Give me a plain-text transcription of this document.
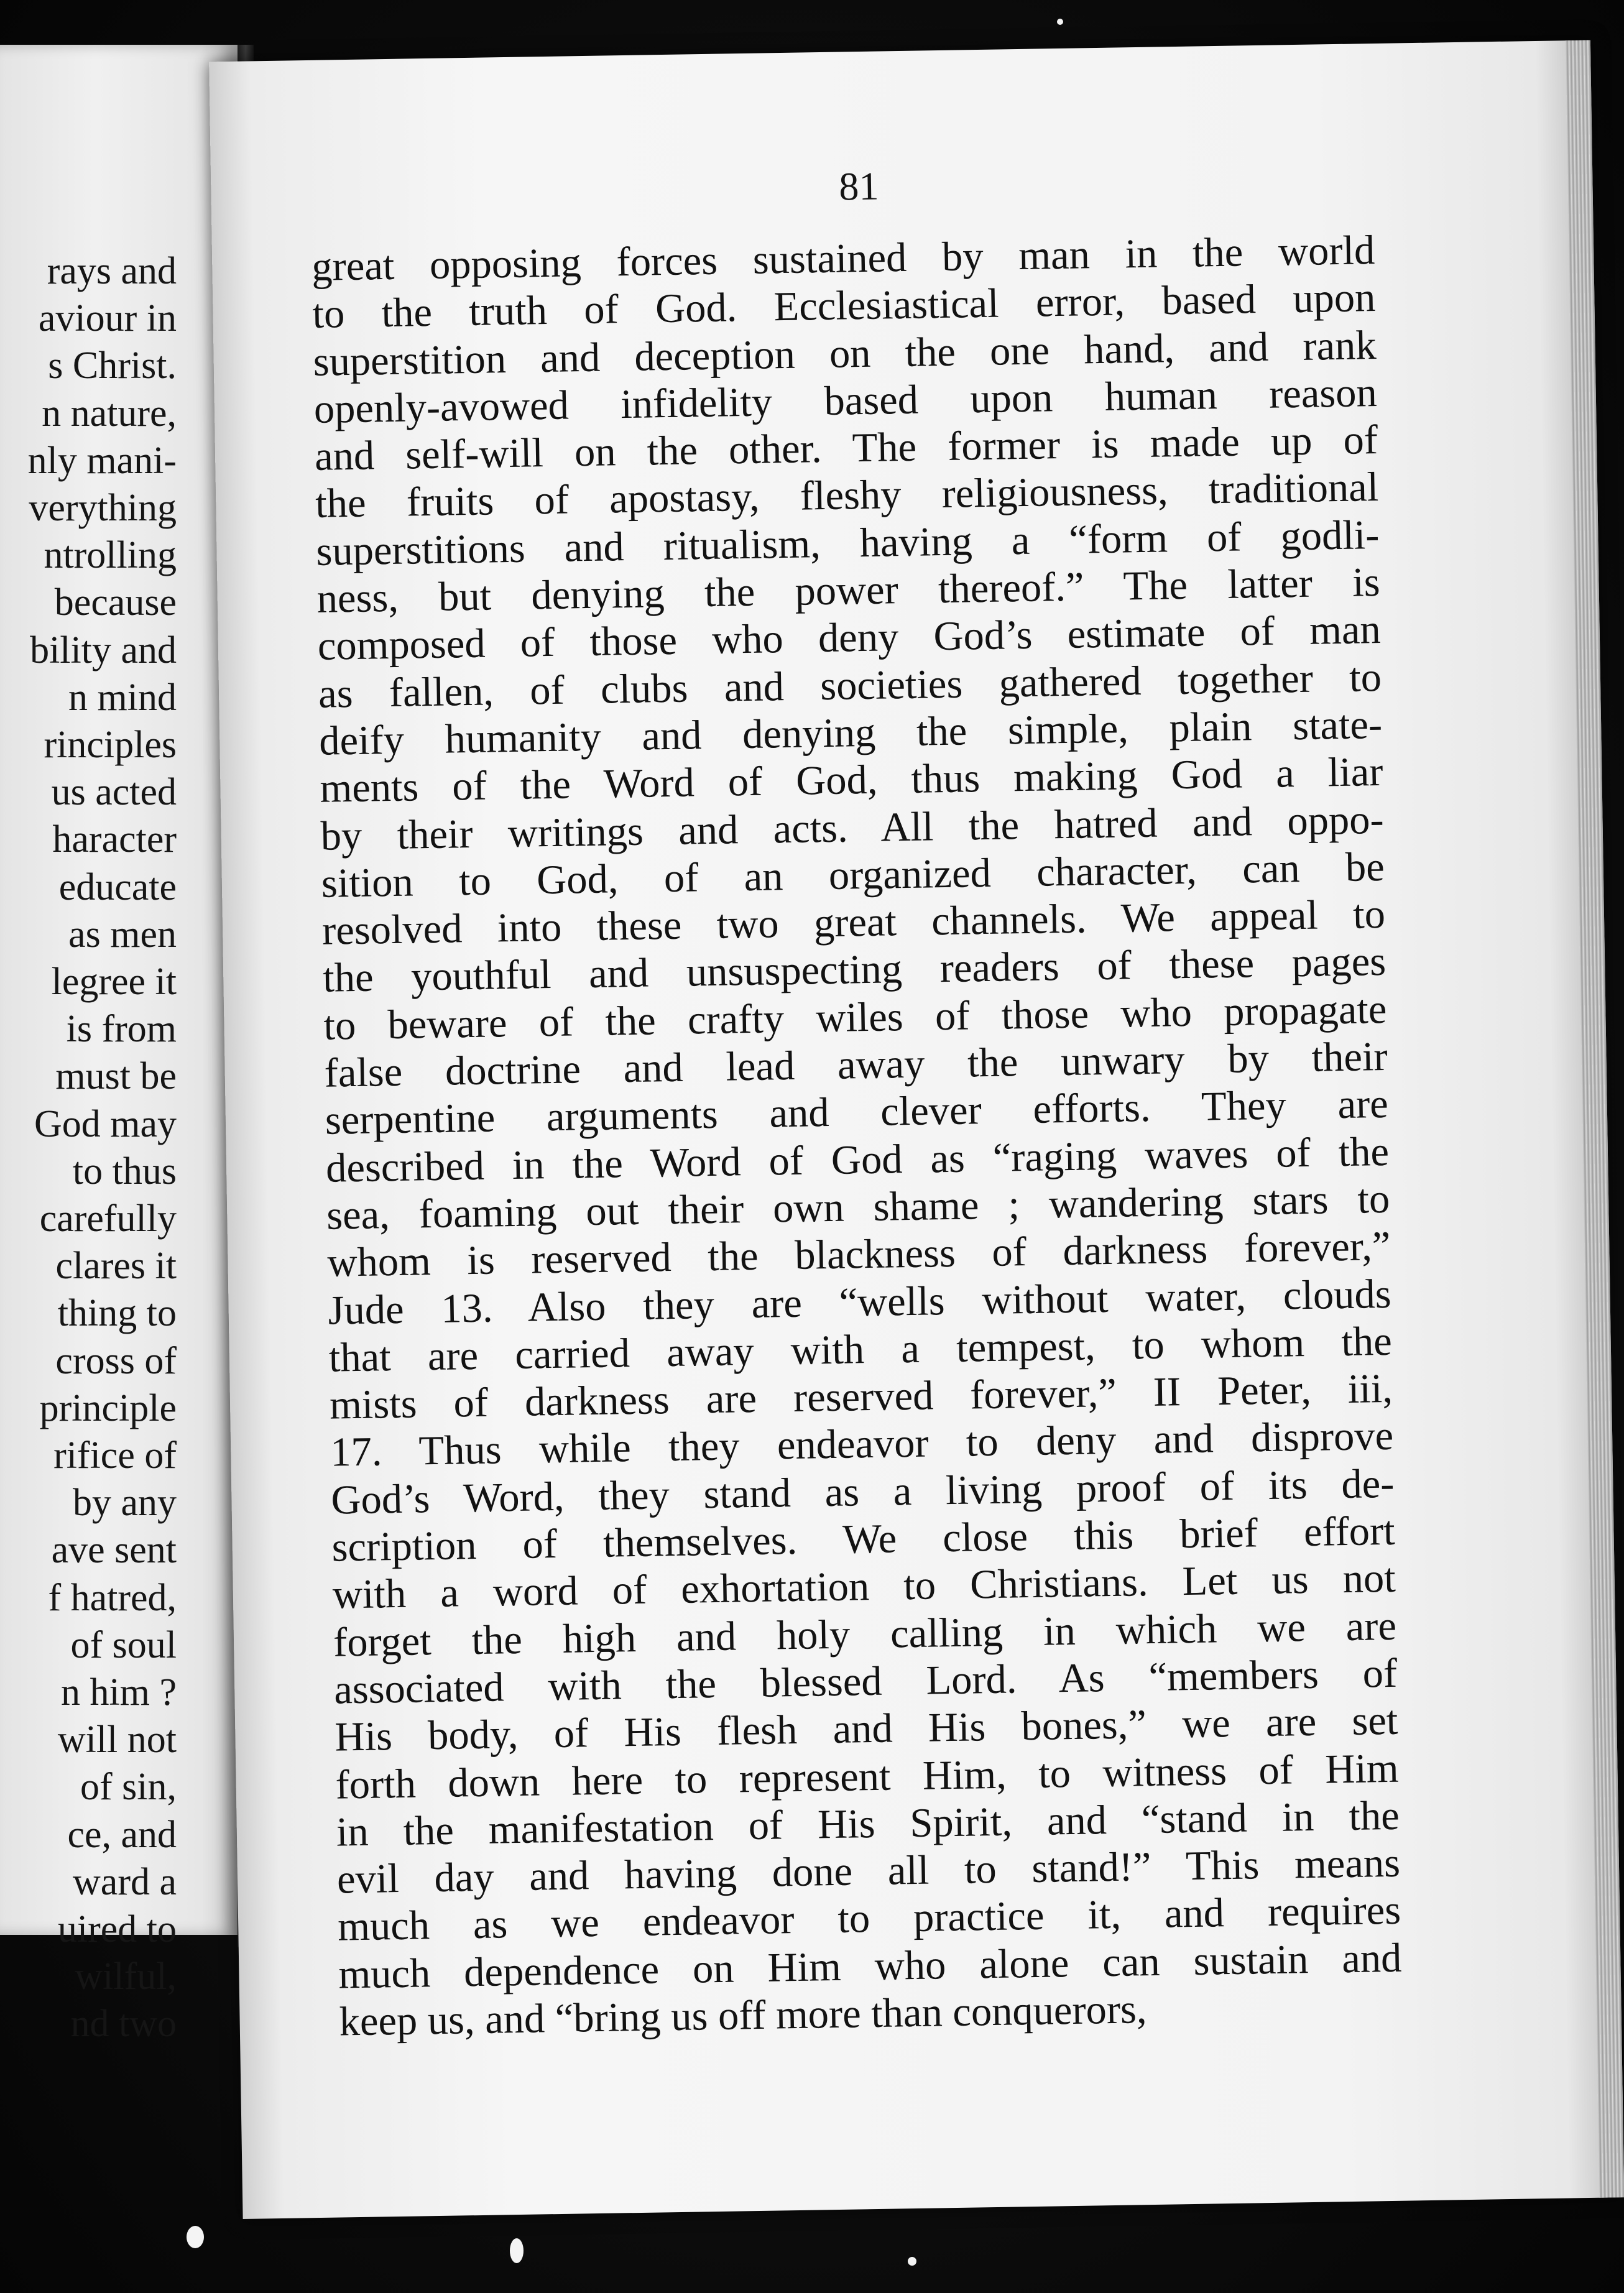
rays and
aviour in
s Christ.
n nature,
nly mani-
verything
ntrolling
because
bility and
n mind
rinciples
us acted
haracter
educate
as men
legree it
is from
must be
God may
to thus
carefully
clares it
thing to
cross of
principle
rifice of
by any
ave sent
f hatred,
of soul
n him ?
will not
of sin,
ce, and
ward a
uired to
wilful,
nd two
81
great opposing forces sustained by man in the world
to the truth of God. Ecclesiastical error, based upon
superstition and deception on the one hand, and rank
openly-avowed infidelity based upon human reason
and self-will on the other. The former is made up of
the fruits of apostasy, fleshy religiousness, traditional
superstitions and ritualism, having a “form of godli-
ness, but denying the power thereof.” The latter is
composed of those who deny God’s estimate of man
as fallen, of clubs and societies gathered together to
deify humanity and denying the simple, plain state-
ments of the Word of God, thus making God a liar
by their writings and acts. All the hatred and oppo-
sition to God, of an organized character, can be
resolved into these two great channels. We appeal to
the youthful and unsuspecting readers of these pages
to beware of the crafty wiles of those who propagate
false doctrine and lead away the unwary by their
serpentine arguments and clever efforts. They are
described in the Word of God as “raging waves of the
sea, foaming out their own shame ; wandering stars to
whom is reserved the blackness of darkness forever,”
Jude 13. Also they are “wells without water, clouds
that are carried away with a tempest, to whom the
mists of darkness are reserved forever,” II Peter, iii,
17. Thus while they endeavor to deny and disprove
God’s Word, they stand as a living proof of its de-
scription of themselves. We close this brief effort
with a word of exhortation to Christians. Let us not
forget the high and holy calling in which we are
associated with the blessed Lord. As “members of
His body, of His flesh and His bones,” we are set
forth down here to represent Him, to witness of Him
in the manifestation of His Spirit, and “stand in the
evil day and having done all to stand!” This means
much as we endeavor to practice it, and requires
much dependence on Him who alone can sustain and
keep us, and “bring us off more than conquerors,
